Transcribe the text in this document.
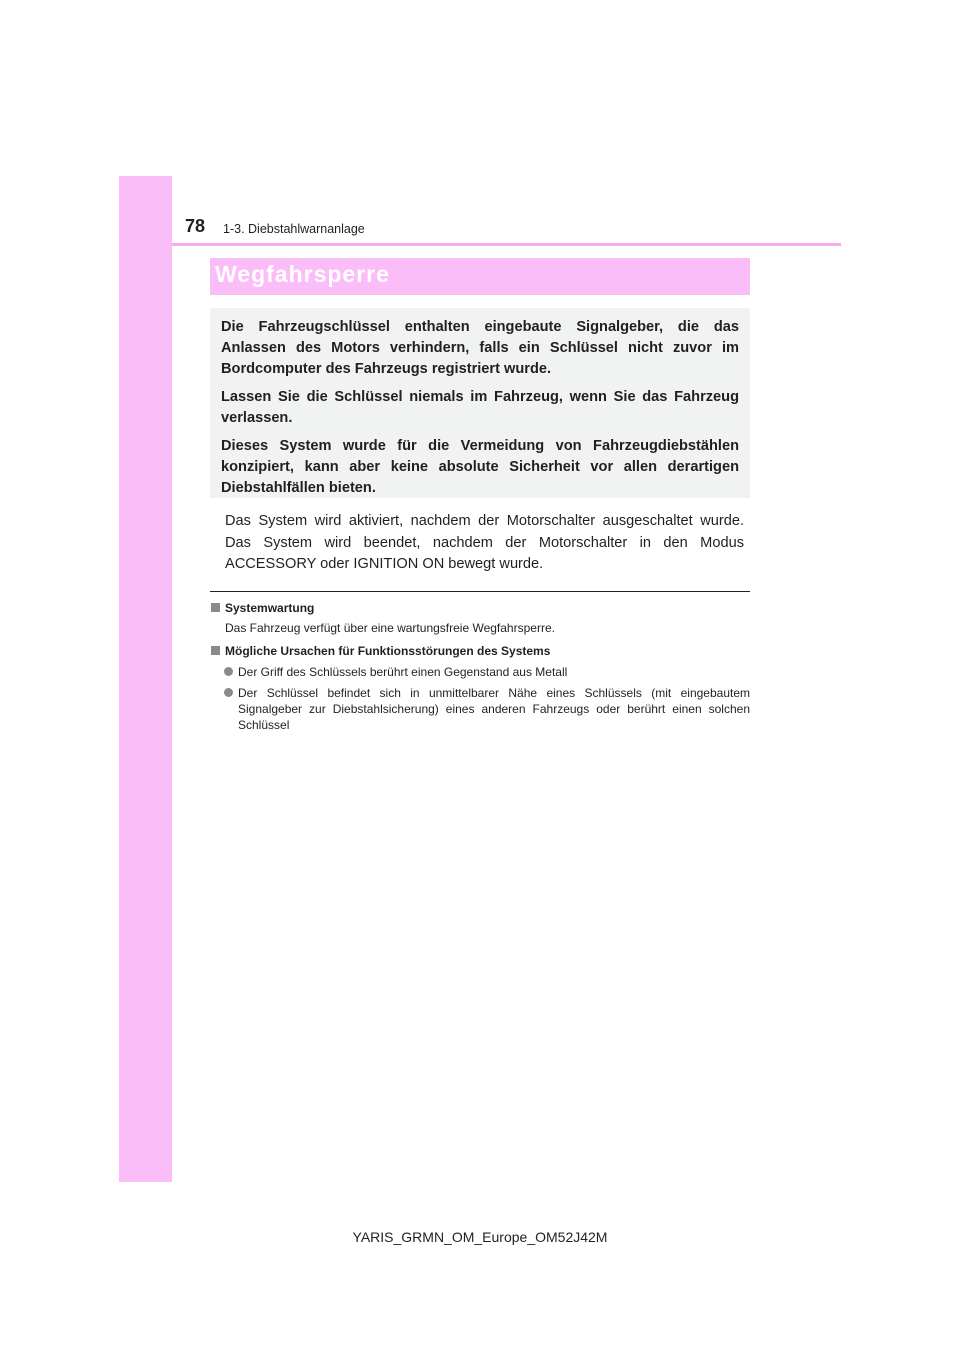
78 1-3. Diebstahlwarnanlage
Wegfahrsperre

Die Fahrzeugschlüssel enthalten eingebaute Signalgeber, die das Anlassen des Motors verhindern, falls ein Schlüssel nicht zuvor im Bordcomputer des Fahrzeugs registriert wurde.

Lassen Sie die Schlüssel niemals im Fahrzeug, wenn Sie das Fahrzeug verlassen.

Dieses System wurde für die Vermeidung von Fahrzeugdiebstählen konzipiert, kann aber keine absolute Sicherheit vor allen derartigen Diebstahlfällen bieten.

Das System wird aktiviert, nachdem der Motorschalter ausgeschaltet wurde. Das System wird beendet, nachdem der Motorschalter in den Modus ACCESSORY oder IGNITION ON bewegt wurde.

Systemwartung
Das Fahrzeug verfügt über eine wartungsfreie Wegfahrsperre.
Mögliche Ursachen für Funktionsstörungen des Systems
Der Griff des Schlüssels berührt einen Gegenstand aus Metall
Der Schlüssel befindet sich in unmittelbarer Nähe eines Schlüssels (mit eingebautem Signalgeber zur Diebstahlsicherung) eines anderen Fahrzeugs oder berührt einen solchen Schlüssel
YARIS_GRMN_OM_Europe_OM52J42M
